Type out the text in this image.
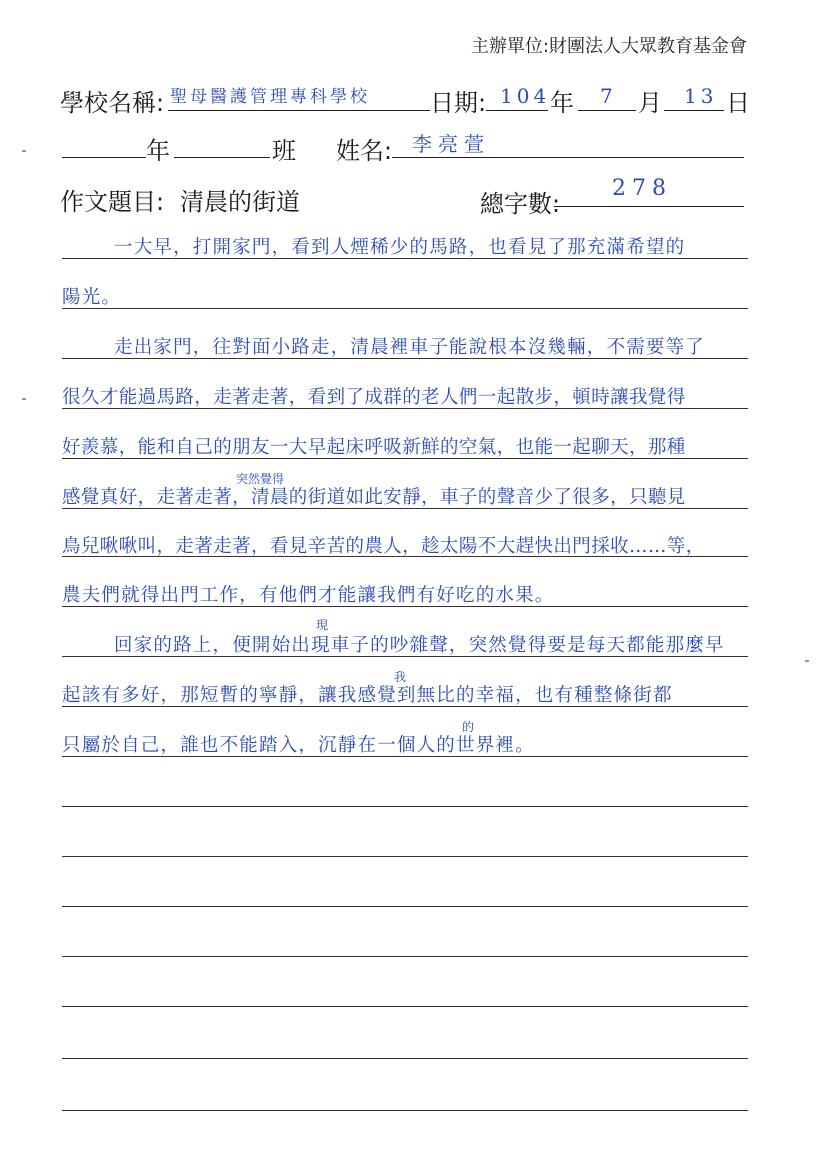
主辦單位:財團法人大眾教育基金會
學校名稱: 聖母醫護管理專科學校	日期: 104 年 7 月 13 日
年	班 姓名: 李亮萱
作文題目: 清晨的街道	總字數:
278
一大早，打開家門，看到人煙稀少的馬路，也看見了那充滿希望的
陽光。
走出家門，往對面小路走，清晨裡車子能說根本沒幾輛，不需要等了
很久才能過馬路，走著走著，看到了成群的老人們一起散步，頓時讓我覺得
好羨慕，能和自己的朋友一大早起床呼吸新鮮的空氣，也能一起聊天，那種
感覺真好，走著走著，清晨的街道如此安靜，車子的聲音少了很多，只聽見
鳥兒啾啾叫，走著走著，看見辛苦的農人，趁太陽不大趕快出門採收……等，
農夫們就得出門工作，有他們才能讓我們有好吃的水果。
回家的路上，便開始出現車子的吵雜聲，突然覺得要是每天都能那麼早
起該有多好，那短暫的寧靜，讓我感覺到無比的幸福，也有種整條街都
只屬於自己，誰也不能踏入，沉靜在一個人的世界裡。
突然覺得
現
我
的
